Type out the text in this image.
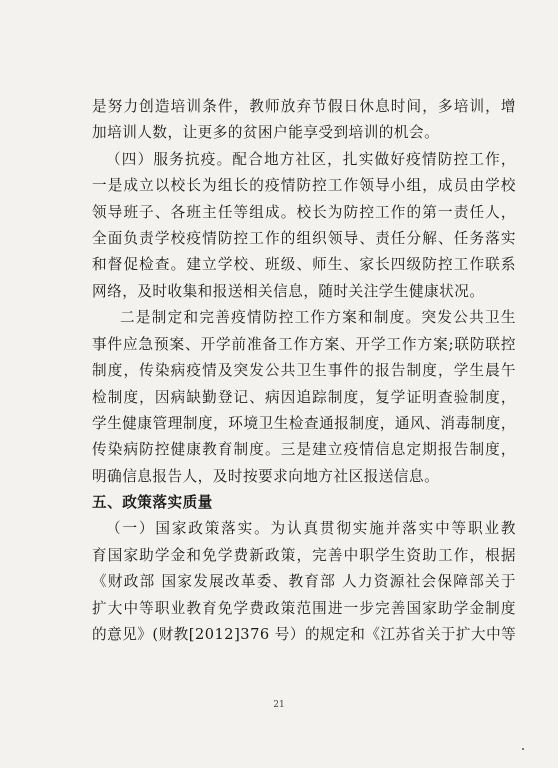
是努力创造培训条件，教师放弃节假日休息时间，多培训，增
加培训人数，让更多的贫困户能享受到培训的机会。
（四）服务抗疫。配合地方社区，扎实做好疫情防控工作，
一是成立以校长为组长的疫情防控工作领导小组，成员由学校
领导班子、各班主任等组成。校长为防控工作的第一责任人，
全面负责学校疫情防控工作的组织领导、责任分解、任务落实
和督促检查。建立学校、班级、师生、家长四级防控工作联系
网络，及时收集和报送相关信息，随时关注学生健康状况。
二是制定和完善疫情防控工作方案和制度。突发公共卫生
事件应急预案、开学前准备工作方案、开学工作方案;联防联控
制度，传染病疫情及突发公共卫生事件的报告制度，学生晨午
检制度，因病缺勤登记、病因追踪制度，复学证明查验制度，
学生健康管理制度，环境卫生检查通报制度，通风、消毒制度，
传染病防控健康教育制度。三是建立疫情信息定期报告制度，
明确信息报告人，及时按要求向地方社区报送信息。
五、政策落实质量
（一）国家政策落实。为认真贯彻实施并落实中等职业教
育国家助学金和免学费新政策，完善中职学生资助工作，根据
《财政部 国家发展改革委、教育部 人力资源社会保障部关于
扩大中等职业教育免学费政策范围进一步完善国家助学金制度
的意见》(财教[2012]376 号）的规定和《江苏省关于扩大中等
21
